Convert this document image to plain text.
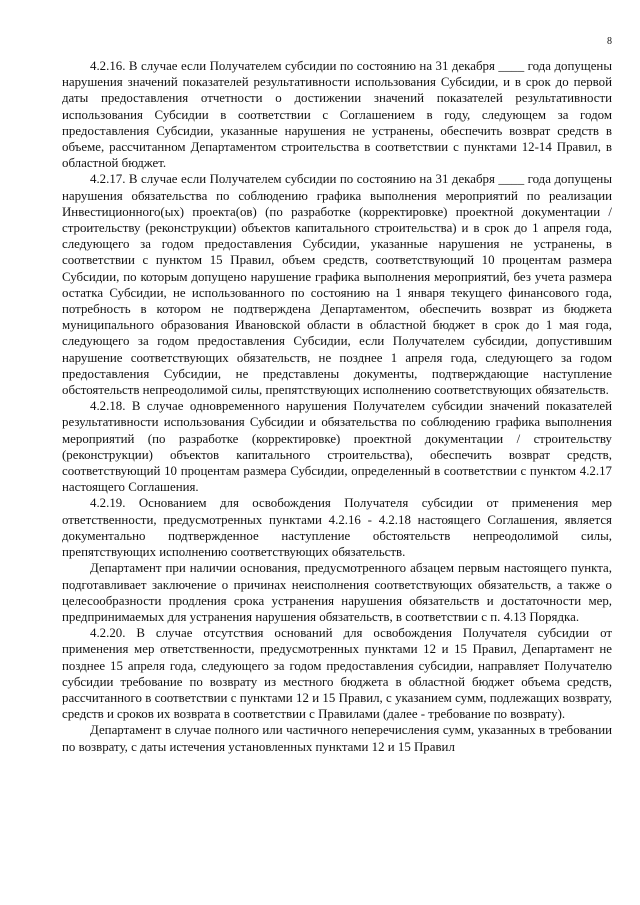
8

4.2.16. В случае если Получателем субсидии по состоянию на 31 декабря ____ года допущены нарушения значений показателей результативности использования Субсидии, и в срок до первой даты предоставления отчетности о достижении значений показателей результативности использования Субсидии в соответствии с Соглашением в году, следующем за годом предоставления Субсидии, указанные нарушения не устранены, обеспечить возврат средств в объеме, рассчитанном Департаментом строительства в соответствии с пунктами 12-14 Правил, в областной бюджет.

4.2.17. В случае если Получателем субсидии по состоянию на 31 декабря ____ года допущены нарушения обязательства по соблюдению графика выполнения мероприятий по реализации Инвестиционного(ых) проекта(ов) (по разработке (корректировке) проектной документации / строительству (реконструкции) объектов капитального строительства) и в срок до 1 апреля года, следующего за годом предоставления Субсидии, указанные нарушения не устранены, в соответствии с пунктом 15 Правил, объем средств, соответствующий 10 процентам размера Субсидии, по которым допущено нарушение графика выполнения мероприятий, без учета размера остатка Субсидии, не использованного по состоянию на 1 января текущего финансового года, потребность в котором не подтверждена Департаментом, обеспечить возврат из бюджета муниципального образования Ивановской области в областной бюджет в срок до 1 мая года, следующего за годом предоставления Субсидии, если Получателем субсидии, допустившим нарушение соответствующих обязательств, не позднее 1 апреля года, следующего за годом предоставления Субсидии, не представлены документы, подтверждающие наступление обстоятельств непреодолимой силы, препятствующих исполнению соответствующих обязательств.

4.2.18. В случае одновременного нарушения Получателем субсидии значений показателей результативности использования Субсидии и обязательства по соблюдению графика выполнения мероприятий (по разработке (корректировке) проектной документации / строительству (реконструкции) объектов капитального строительства), обеспечить возврат средств, соответствующий 10 процентам размера Субсидии, определенный в соответствии с пунктом 4.2.17 настоящего Соглашения.

4.2.19. Основанием для освобождения Получателя субсидии от применения мер ответственности, предусмотренных пунктами 4.2.16 - 4.2.18 настоящего Соглашения, является документально подтвержденное наступление обстоятельств непреодолимой силы, препятствующих исполнению соответствующих обязательств.

Департамент при наличии основания, предусмотренного абзацем первым настоящего пункта, подготавливает заключение о причинах неисполнения соответствующих обязательств, а также о целесообразности продления срока устранения нарушения обязательств и достаточности мер, предпринимаемых для устранения нарушения обязательств, в соответствии с п. 4.13 Порядка.

4.2.20. В случае отсутствия оснований для освобождения Получателя субсидии от применения мер ответственности, предусмотренных пунктами 12 и 15 Правил, Департамент не позднее 15 апреля года, следующего за годом предоставления субсидии, направляет Получателю субсидии требование по возврату из местного бюджета в областной бюджет объема средств, рассчитанного в соответствии с пунктами 12 и 15 Правил, с указанием сумм, подлежащих возврату, средств и сроков их возврата в соответствии с Правилами (далее - требование по возврату).

Департамент в случае полного или частичного неперечисления сумм, указанных в требовании по возврату, с даты истечения установленных пунктами 12 и 15 Правил
